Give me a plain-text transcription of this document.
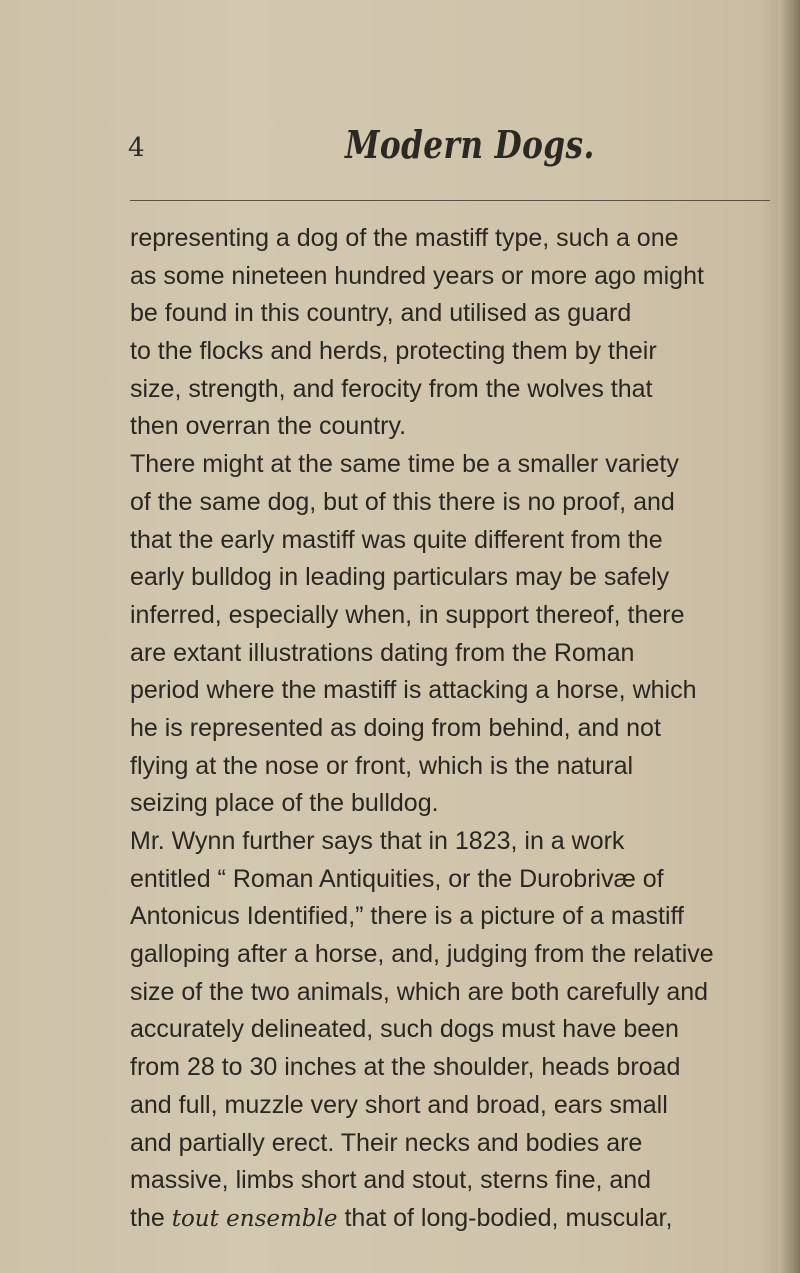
4	Modern Dogs.
representing a dog of the mastiff type, such a one
as some nineteen hundred years or more ago might
be found in this country, and utilised as guard
to the flocks and herds, protecting them by their
size, strength, and ferocity from the wolves that
then overran the country.
There might at the same time be a smaller variety
of the same dog, but of this there is no proof, and
that the early mastiff was quite different from the
early bulldog in leading particulars may be safely
inferred, especially when, in support thereof, there
are extant illustrations dating from the Roman
period where the mastiff is attacking a horse, which
he is represented as doing from behind, and not
flying at the nose or front, which is the natural
seizing place of the bulldog.
Mr. Wynn further says that in 1823, in a work
entitled “ Roman Antiquities, or the Durobrivæ of
Antonicus Identified,” there is a picture of a mastiff
galloping after a horse, and, judging from the relative
size of the two animals, which are both carefully and
accurately delineated, such dogs must have been
from 28 to 30 inches at the shoulder, heads broad
and full, muzzle very short and broad, ears small
and partially erect. Their necks and bodies are
massive, limbs short and stout, sterns fine, and
the tout ensemble that of long-bodied, muscular,
